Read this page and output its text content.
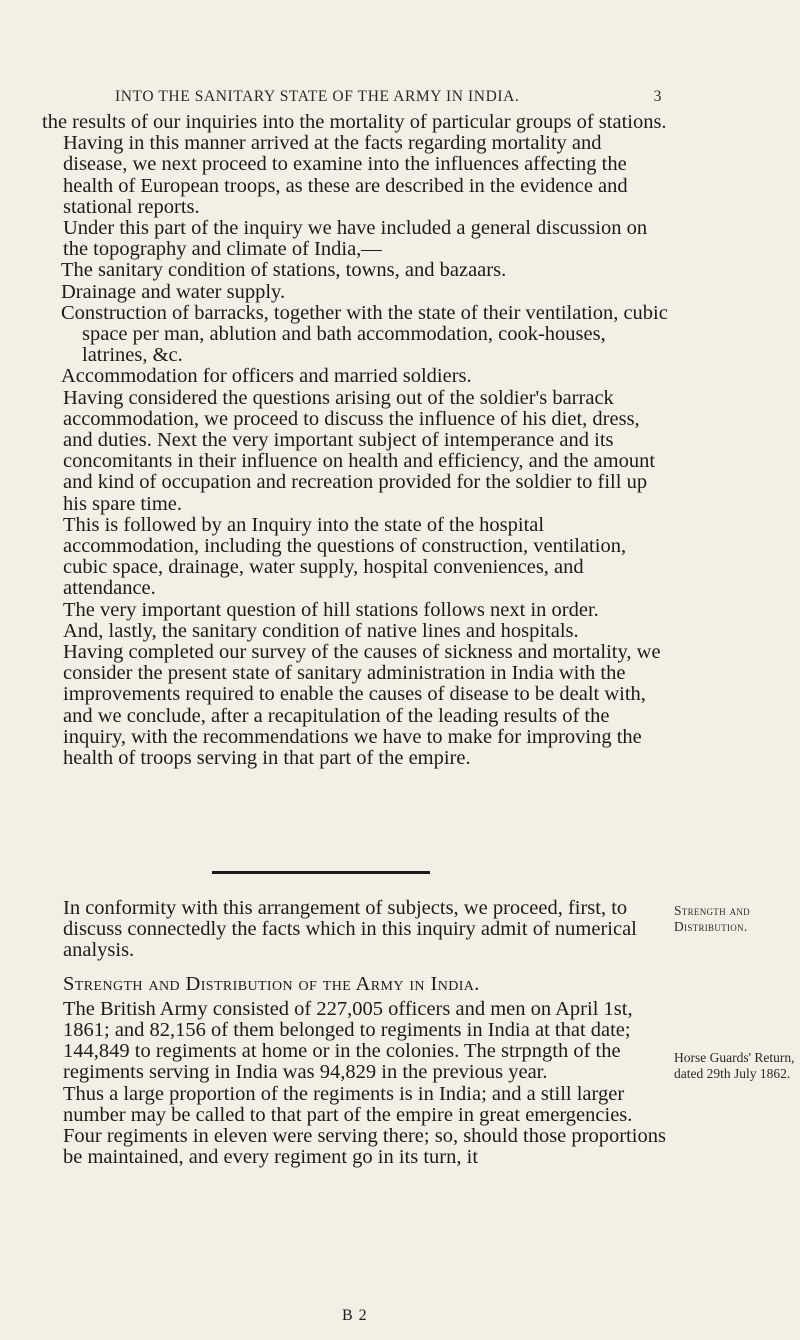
INTO THE SANITARY STATE OF THE ARMY IN INDIA.	3

the results of our inquiries into the mortality of particular groups of stations.

Having in this manner arrived at the facts regarding mortality and disease, we next proceed to examine into the influences affecting the health of European troops, as these are described in the evidence and stational reports.

Under this part of the inquiry we have included a general discussion on the topography and climate of India,—

The sanitary condition of stations, towns, and bazaars.

Drainage and water supply.

Construction of barracks, together with the state of their ventilation, cubic space per man, ablution and bath accommodation, cook-houses, latrines, &c.

Accommodation for officers and married soldiers.

Having considered the questions arising out of the soldier's barrack accommodation, we proceed to discuss the influence of his diet, dress, and duties. Next the very important subject of intemperance and its concomitants in their influence on health and efficiency, and the amount and kind of occupation and recreation provided for the soldier to fill up his spare time.

This is followed by an Inquiry into the state of the hospital accommodation, including the questions of construction, ventilation, cubic space, drainage, water supply, hospital conveniences, and attendance.

The very important question of hill stations follows next in order.

And, lastly, the sanitary condition of native lines and hospitals.

Having completed our survey of the causes of sickness and mortality, we consider the present state of sanitary administration in India with the improvements required to enable the causes of disease to be dealt with, and we conclude, after a recapitulation of the leading results of the inquiry, with the recommendations we have to make for improving the health of troops serving in that part of the empire.

In conformity with this arrangement of subjects, we proceed, first, to discuss connectedly the facts which in this inquiry admit of numerical analysis.

Strength and Distribution of the Army in India.

The British Army consisted of 227,005 officers and men on April 1st, 1861; and 82,156 of them belonged to regiments in India at that date; 144,849 to regiments at home or in the colonies. The strpngth of the regiments serving in India was 94,829 in the previous year.

Thus a large proportion of the regiments is in India; and a still larger number may be called to that part of the empire in great emergencies.

Four regiments in eleven were serving there; so, should those proportions be maintained, and every regiment go in its turn, it

Strength and Distribution.
Horse Guards' Return, dated 29th July 1862.
B 2
